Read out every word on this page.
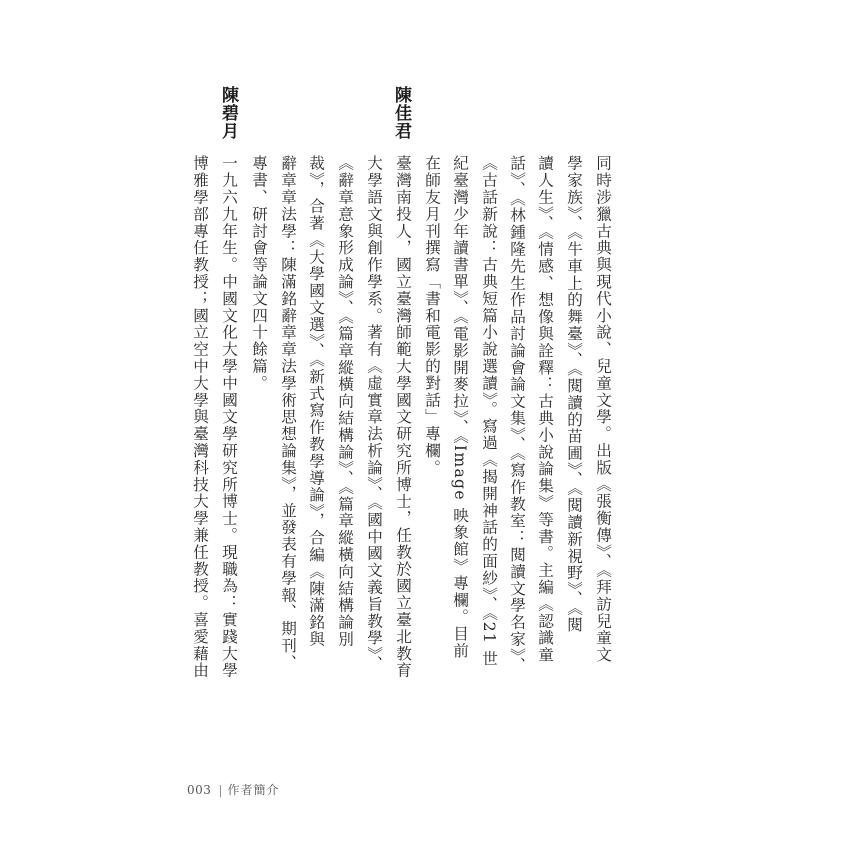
陳佳君
同時涉獵古典與現代小說、兒童文學。出版《張衡傳》、《拜訪兒童文
學家族》、《牛車上的舞臺》、《閱讀的苗圃》、《閱讀新視野》、《閱
讀人生》、《情感、想像與詮釋：古典小說論集》等書。主編《認識童
話》、《林鍾隆先生作品討論會論文集》、《寫作教室：閱讀文學名家》、
《古話新說：古典短篇小說選讀》。寫過《揭開神話的面紗》、《21 世
紀臺灣少年讀書單》、《電影開麥拉》、《Image 映象館》專欄。目前
在師友月刊撰寫「書和電影的對話」專欄。
臺灣南投人，國立臺灣師範大學國文研究所博士，任教於國立臺北教育
大學語文與創作學系。著有《虛實章法析論》、《國中國文義旨教學》、
《辭章意象形成論》、《篇章縱橫向結構論》、《篇章縱橫向結構論別
裁》，合著《大學國文選》、《新式寫作教學導論》，合編《陳滿銘與
辭章章法學：陳滿銘辭章章法學術思想論集》，並發表有學報、期刊、
專書、研討會等論文四十餘篇。
陳碧月
一九六九年生。中國文化大學中國文學研究所博士。現職為：實踐大學
博雅學部專任教授；國立空中大學與臺灣科技大學兼任教授。喜愛藉由
003 | 作者簡介
